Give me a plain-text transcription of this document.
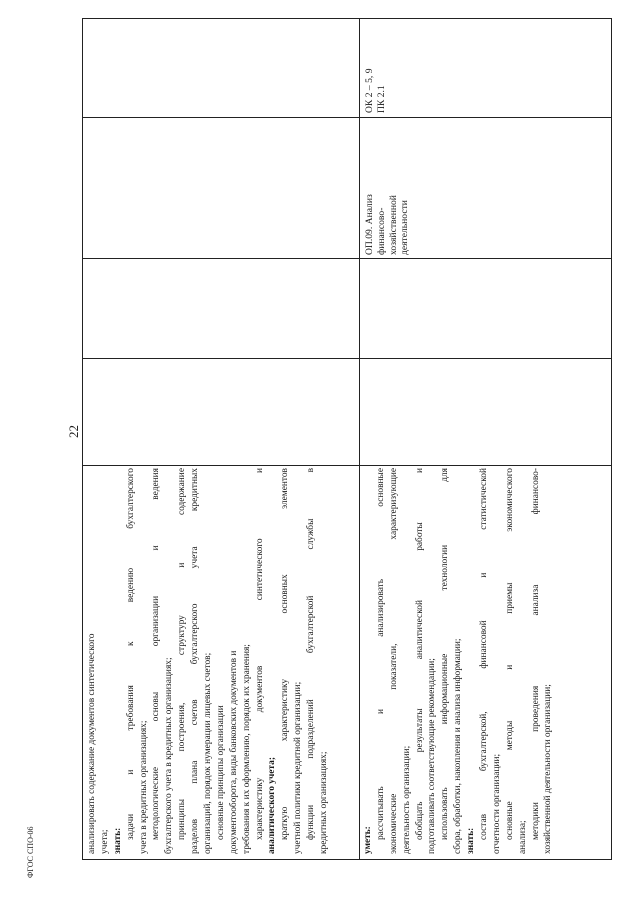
22
ФГОС СПО-06	анализировать содержание документов синтетического учета; знать:
задачи и требования к ведению бухгалтерского учета в кредитных организациях; методологические основы организации и ведения бухгалтерского учета в кредитных организациях; принципы построения, структуру и содержание разделов плана счетов бухгалтерского учета кредитных организаций, порядок нумерации лицевых счетов; основные принципы организации документооборота, виды банковских документов и требования к их оформлению, порядок их хранения; характеристику документов синтетического и аналитического учета; краткую характеристику основных элементов учетной политики кредитной организации; функции подразделений бухгалтерской службы в кредитных организациях;	уметь:
рассчитывать и анализировать основные экономические показатели, характеризующие деятельность организации; обобщать результаты аналитической работы и подготавливать соответствующие рекомендации; использовать информационные технологии для сбора, обработки, накопления и анализа информации; знать:
состав бухгалтерской, финансовой и статистической отчетности организации; основные методы и приемы экономического анализа; методики проведения анализа финансово- хозяйственной деятельности организации;
ОП.09. Анализ финансово- хозяйственной деятельности
ОК 2 – 5, 9 ПК 2.1
